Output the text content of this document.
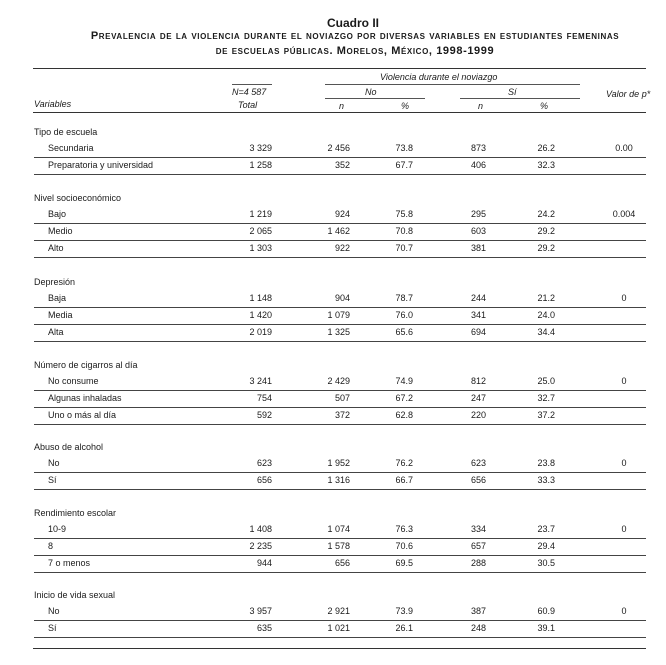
Cuadro II
Prevalencia de la violencia durante el noviazgo por diversas variables en estudiantes femeninas
de escuelas públicas. Morelos, México, 1998-1999
Violencia durante el noviazgo
N=4 587	No	Sí	Valor de p*
Variables	Total	n	%	n	%
Tipo de escuela
Secundaria	3 329	2 456	73.8	873	26.2	0.00
Preparatoria y universidad	1 258	352	67.7	406	32.3
Nivel socioeconómico
Bajo	1 219	924	75.8	295	24.2	0.004
Medio	2 065	1 462	70.8	603	29.2
Alto	1 303	922	70.7	381	29.2
Depresión
Baja	1 148	904	78.7	244	21.2	0
Media	1 420	1 079	76.0	341	24.0
Alta	2 019	1 325	65.6	694	34.4
Número de cigarros al día
No consume	3 241	2 429	74.9	812	25.0	0
Algunas inhaladas	754	507	67.2	247	32.7
Uno o más al día	592	372	62.8	220	37.2
Abuso de alcohol
No	623	1 952	76.2	623	23.8	0
Sí	656	1 316	66.7	656	33.3
Rendimiento escolar
10-9	1 408	1 074	76.3	334	23.7	0
8	2 235	1 578	70.6	657	29.4
7 o menos	944	656	69.5	288	30.5
Inicio de vida sexual
No	3 957	2 921	73.9	387	60.9	0
Sí	635	1 021	26.1	248	39.1
